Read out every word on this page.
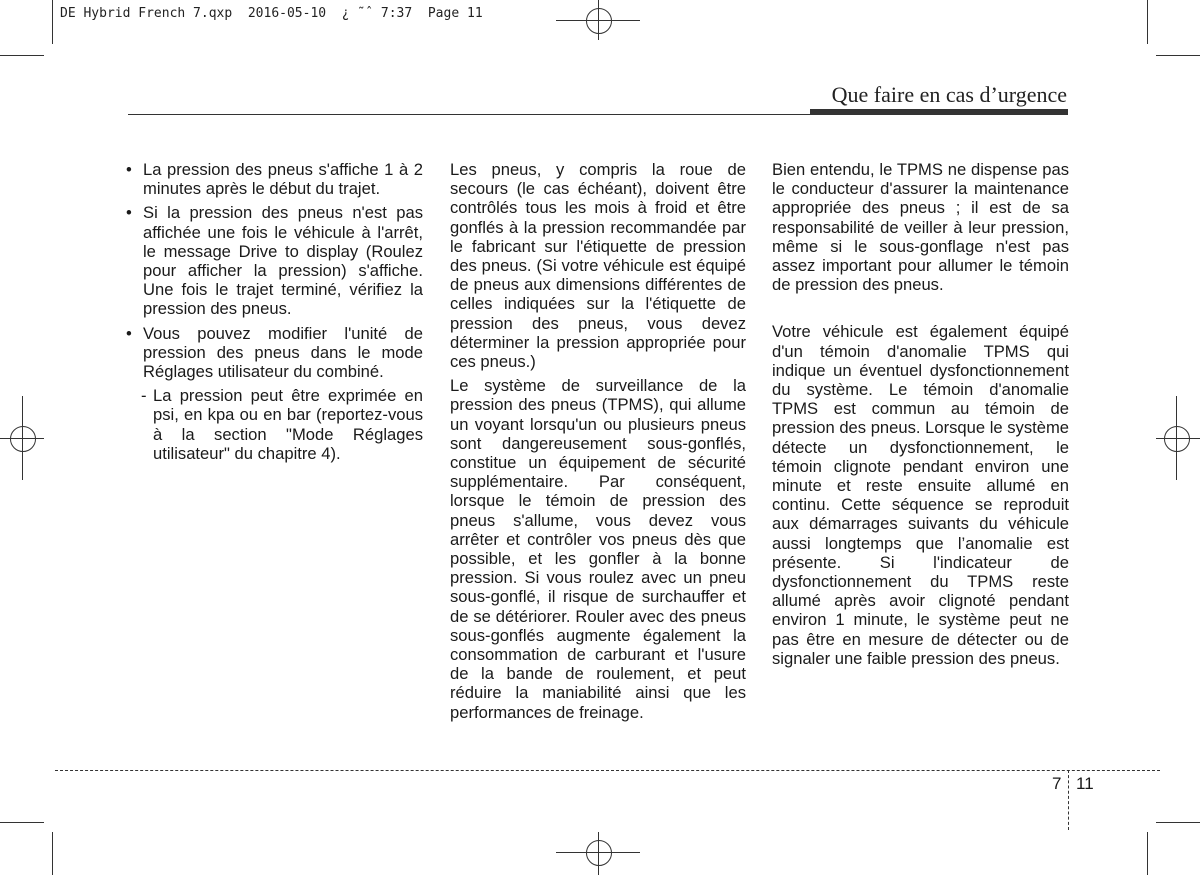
DE Hybrid French 7.qxp  2016-05-10  ¿ ˜ˆ 7:37  Page 11
Que faire en cas d’urgence
• La pression des pneus s'affiche 1 à 2 minutes après le début du trajet.
• Si la pression des pneus n'est pas affichée une fois le véhicule à l'arrêt, le message Drive to display (Roulez pour afficher la pression) s'affiche. Une fois le trajet terminé, vérifiez la pression des pneus.
• Vous pouvez modifier l'unité de pression des pneus dans le mode Réglages utilisateur du combiné.
- La pression peut être exprimée en psi, en kpa ou en bar (reportez-vous à la section "Mode Réglages utilisateur" du chapitre 4).

Les pneus, y compris la roue de secours (le cas échéant), doivent être contrôlés tous les mois à froid et être gonflés à la pression recommandée par le fabricant sur l'étiquette de pression des pneus. (Si votre véhicule est équipé de pneus aux dimensions différentes de celles indiquées sur la l'étiquette de pression des pneus, vous devez déterminer la pression appropriée pour ces pneus.)

Le système de surveillance de la pression des pneus (TPMS), qui allume un voyant lorsqu'un ou plusieurs pneus sont dangereusement sous-gonflés, constitue un équipement de sécurité supplémentaire. Par conséquent, lorsque le témoin de pression des pneus s'allume, vous devez vous arrêter et contrôler vos pneus dès que possible, et les gonfler à la bonne pression. Si vous roulez avec un pneu sous-gonflé, il risque de surchauffer et de se détériorer. Rouler avec des pneus sous-gonflés augmente également la consommation de carburant et l'usure de la bande de roulement, et peut réduire la maniabilité ainsi que les performances de freinage.

Bien entendu, le TPMS ne dispense pas le conducteur d'assurer la maintenance appropriée des pneus ; il est de sa responsabilité de veiller à leur pression, même si le sous-gonflage n'est pas assez important pour allumer le témoin de pression des pneus.

Votre véhicule est également équipé d'un témoin d'anomalie TPMS qui indique un éventuel dysfonctionnement du système. Le témoin d'anomalie TPMS est commun au témoin de pression des pneus. Lorsque le système détecte un dysfonctionnement, le témoin clignote pendant environ une minute et reste ensuite allumé en continu. Cette séquence se reproduit aux démarrages suivants du véhicule aussi longtemps que l’anomalie est présente. Si l'indicateur de dysfonctionnement du TPMS reste allumé après avoir clignoté pendant environ 1 minute, le système peut ne pas être en mesure de détecter ou de signaler une faible pression des pneus.

7 11
